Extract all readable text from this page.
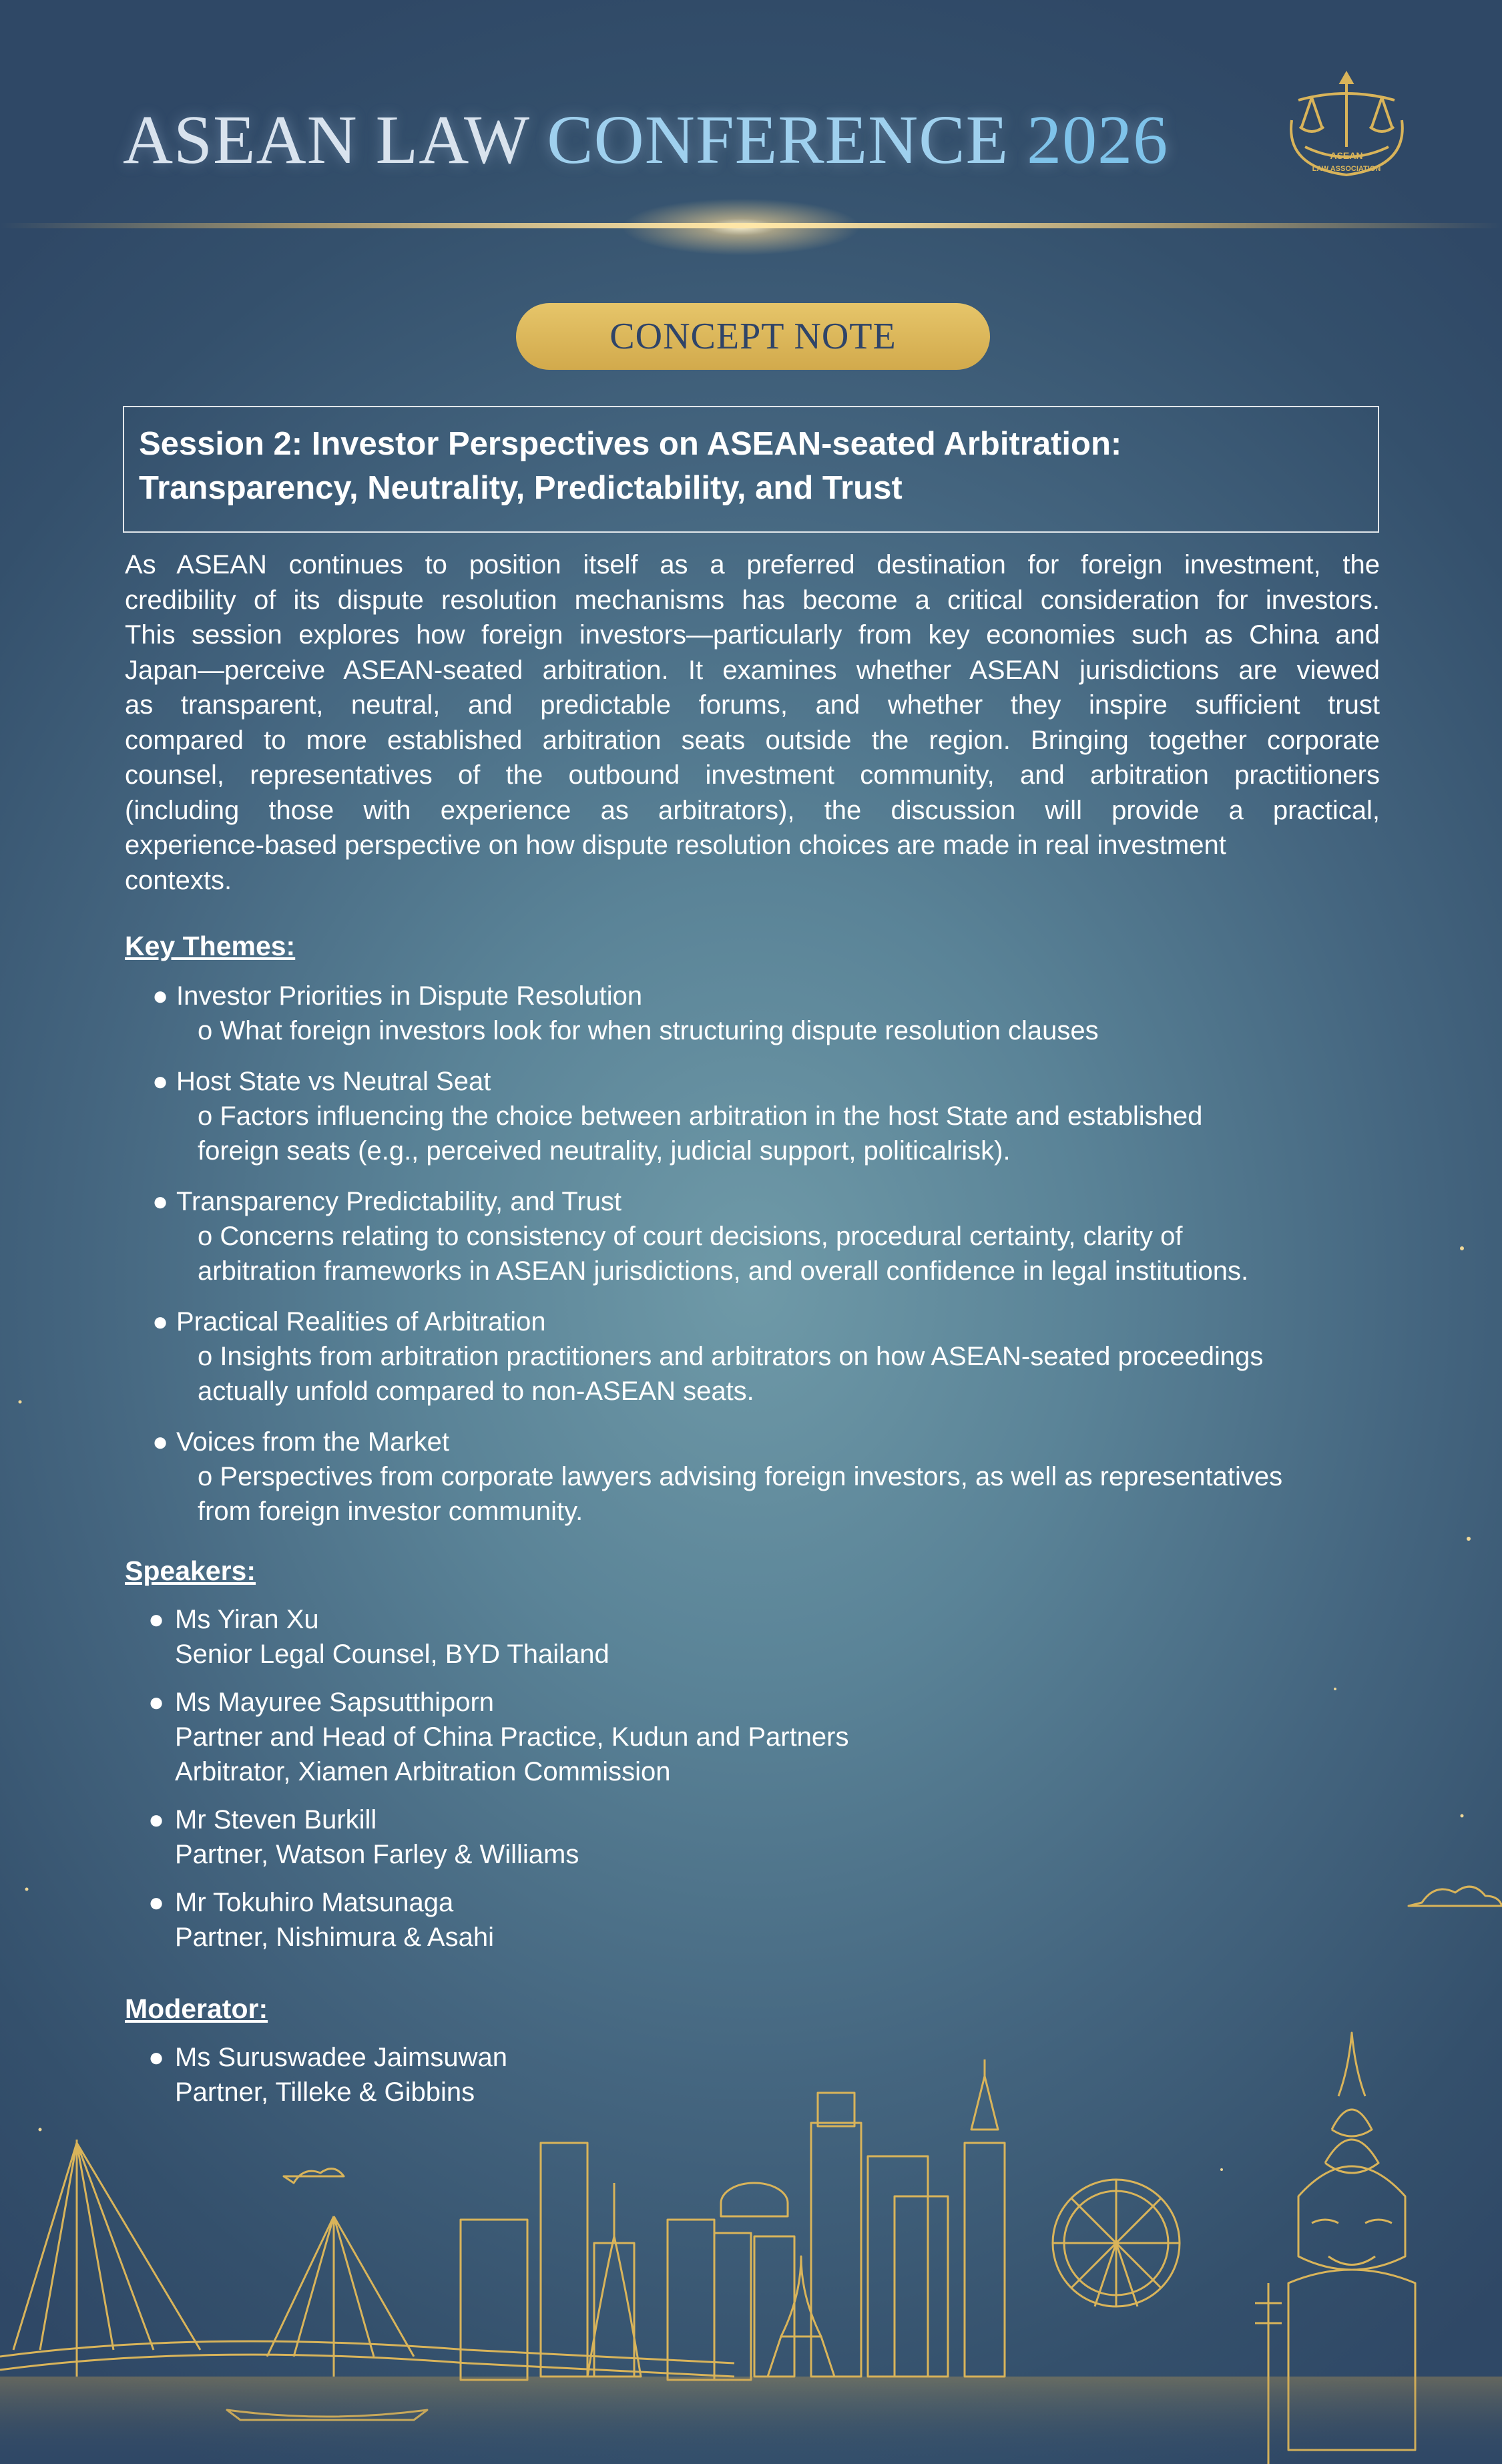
ASEAN LAW CONFERENCE 2026	ASEAN
LAW ASSOCIATION
CONCEPT NOTE
Session 2: Investor Perspectives on ASEAN-seated Arbitration:
Transparency, Neutrality, Predictability, and Trust
As ASEAN continues to position itself as a preferred destination for foreign investment, the
credibility of its dispute resolution mechanisms has become a critical consideration for investors.
This session explores how foreign investors—particularly from key economies such as China and
Japan—perceive ASEAN-seated arbitration. It examines whether ASEAN jurisdictions are viewed
as transparent, neutral, and predictable forums, and whether they inspire sufficient trust
compared to more established arbitration seats outside the region. Bringing together corporate
counsel, representatives of the outbound investment community, and arbitration practitioners
(including those with experience as arbitrators), the discussion will provide a practical,
experience-based perspective on how dispute resolution choices are made in real investment
contexts.
Key Themes:
● Investor Priorities in Dispute Resolution
o What foreign investors look for when structuring dispute resolution clauses
● Host State vs Neutral Seat
o Factors influencing the choice between arbitration in the host State and established
foreign seats (e.g., perceived neutrality, judicial support, politicalrisk).
● Transparency Predictability, and Trust
o Concerns relating to consistency of court decisions, procedural certainty, clarity of
arbitration frameworks in ASEAN jurisdictions, and overall confidence in legal institutions.
● Practical Realities of Arbitration
o Insights from arbitration practitioners and arbitrators on how ASEAN-seated proceedings
actually unfold compared to non-ASEAN seats.
● Voices from the Market
o Perspectives from corporate lawyers advising foreign investors, as well as representatives
from foreign investor community.
Speakers:
● Ms Yiran Xu
Senior Legal Counsel, BYD Thailand
● Ms Mayuree Sapsutthiporn
Partner and Head of China Practice, Kudun and Partners
Arbitrator, Xiamen Arbitration Commission
● Mr Steven Burkill
Partner, Watson Farley & Williams
● Mr Tokuhiro Matsunaga
Partner, Nishimura & Asahi
Moderator:
● Ms Suruswadee Jaimsuwan
Partner, Tilleke & Gibbins
